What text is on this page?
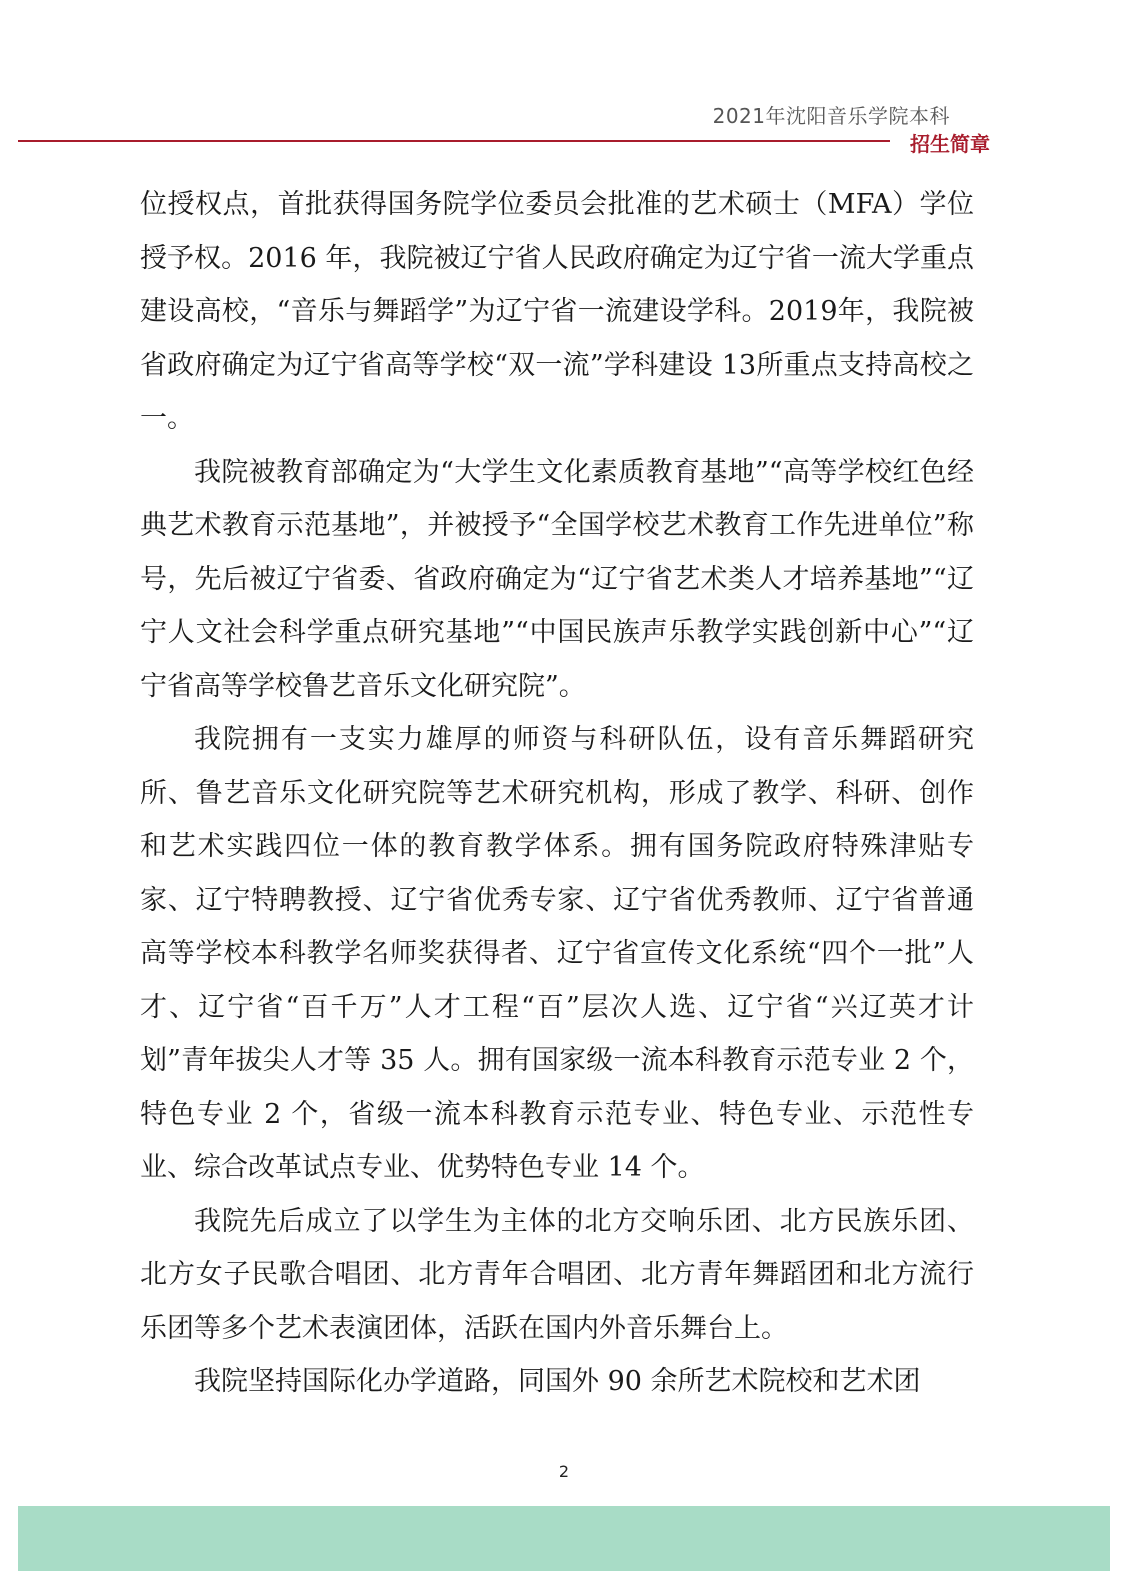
2021年沈阳音乐学院本科
招生简章

位授权点，首批获得国务院学位委员会批准的艺术硕士（MFA）学位授予权。2016 年，我院被辽宁省人民政府确定为辽宁省一流大学重点建设高校，“音乐与舞蹈学”为辽宁省一流建设学科。2019年，我院被省政府确定为辽宁省高等学校“双一流”学科建设 13所重点支持高校之一。

我院被教育部确定为“大学生文化素质教育基地”“高等学校红色经典艺术教育示范基地”，并被授予“全国学校艺术教育工作先进单位”称号，先后被辽宁省委、省政府确定为“辽宁省艺术类人才培养基地”“辽宁人文社会科学重点研究基地”“中国民族声乐教学实践创新中心”“辽宁省高等学校鲁艺音乐文化研究院”。

我院拥有一支实力雄厚的师资与科研队伍，设有音乐舞蹈研究所、鲁艺音乐文化研究院等艺术研究机构，形成了教学、科研、创作和艺术实践四位一体的教育教学体系。拥有国务院政府特殊津贴专家、辽宁特聘教授、辽宁省优秀专家、辽宁省优秀教师、辽宁省普通高等学校本科教学名师奖获得者、辽宁省宣传文化系统“四个一批”人才、辽宁省“百千万”人才工程“百”层次人选、辽宁省“兴辽英才计划”青年拔尖人才等 35 人。拥有国家级一流本科教育示范专业 2 个，特色专业 2 个，省级一流本科教育示范专业、特色专业、示范性专业、综合改革试点专业、优势特色专业 14 个。

我院先后成立了以学生为主体的北方交响乐团、北方民族乐团、北方女子民歌合唱团、北方青年合唱团、北方青年舞蹈团和北方流行乐团等多个艺术表演团体，活跃在国内外音乐舞台上。

我院坚持国际化办学道路，同国外 90 余所艺术院校和艺术团

2
